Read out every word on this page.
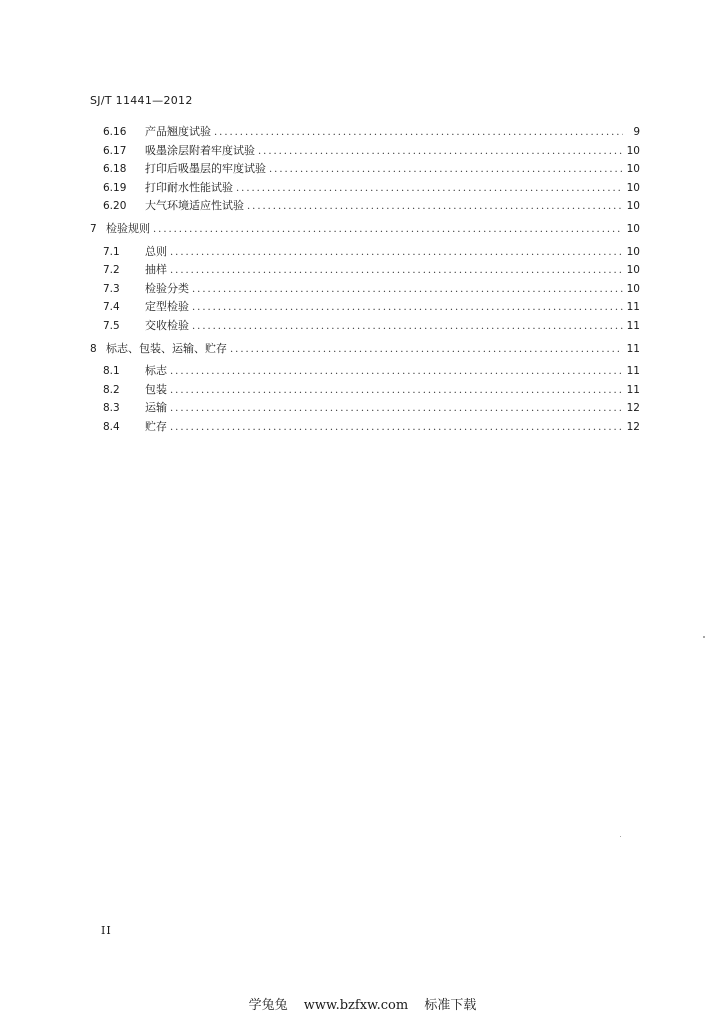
SJ/T 11441—2012
6.16	产品翘度试验 . . .	9
6.17	吸墨涂层附着牢度试验 . . .	10
6.18	打印后吸墨层的牢度试验 . . .	10
6.19	打印耐水性能试验 . . .	10
6.20	大气环境适应性试验 . . .	10
7 检验规则 . . .	10
7.1	总则 . . .	10
7.2	抽样 . . .	10
7.3	检验分类 . . .	10
7.4	定型检验 . . .	11
7.5	交收检验 . . .	11
8 标志、包装、运输、贮存 . . .	11
8.1	标志 . . .	11
8.2	包装 . . .	11
8.3	运输 . . .	12
8.4	贮存 . . .	12
II
学兔兔 www.bzfxw.com 标准下载
